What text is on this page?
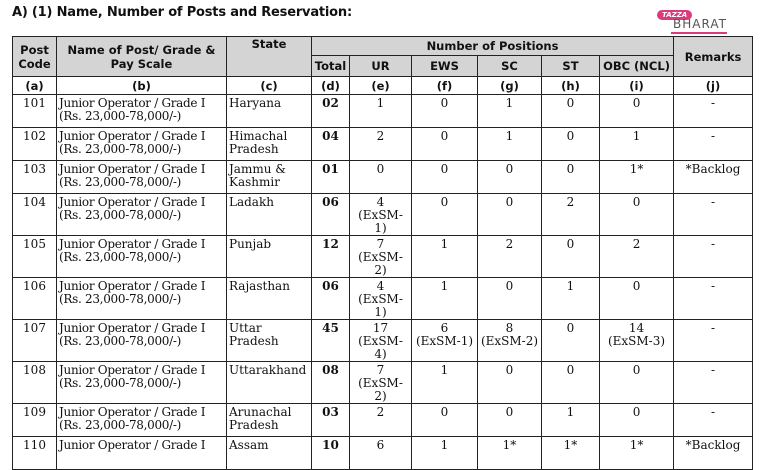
A) (1) Name, Number of Posts and Reservation:	TAZZA
BHARAT
Post Code	Name of Post/ Grade & Pay Scale	State	Number of Positions						Remarks
			Total	UR	EWS	SC	ST	OBC (NCL)	
(a)	(b)	(c)	(d)	(e)	(f)	(g)	(h)	(i)	(j)
101	Junior Operator / Grade I
(Rs. 23,000-78,000/-)	Haryana	02	1	0	1	0	0	-
102	Junior Operator / Grade I
(Rs. 23,000-78,000/-)	Himachal
Pradesh	04	2	0	1	0	1	-
103	Junior Operator / Grade I
(Rs. 23,000-78,000/-)	Jammu &
Kashmir	01	0	0	0	0	1*	*Backlog
104	Junior Operator / Grade I
(Rs. 23,000-78,000/-)	Ladakh	06	4
(ExSM-1)	0	0	2	0	-
105	Junior Operator / Grade I
(Rs. 23,000-78,000/-)	Punjab	12	7
(ExSM-2)	1	2	0	2	-
106	Junior Operator / Grade I
(Rs. 23,000-78,000/-)	Rajasthan	06	4
(ExSM-1)	1	0	1	0	-
107	Junior Operator / Grade I
(Rs. 23,000-78,000/-)	Uttar
Pradesh	45	17
(ExSM-4)	6
(ExSM-1)	8
(ExSM-2)	0	14
(ExSM-3)	-
108	Junior Operator / Grade I
(Rs. 23,000-78,000/-)	Uttarakhand	08	7
(ExSM-2)	1	0	0	0	-
109	Junior Operator / Grade I
(Rs. 23,000-78,000/-)	Arunachal
Pradesh	03	2	0	0	1	0	-
110	Junior Operator / Grade I	Assam	10	6	1	1*	1*	1*	*Backlog
